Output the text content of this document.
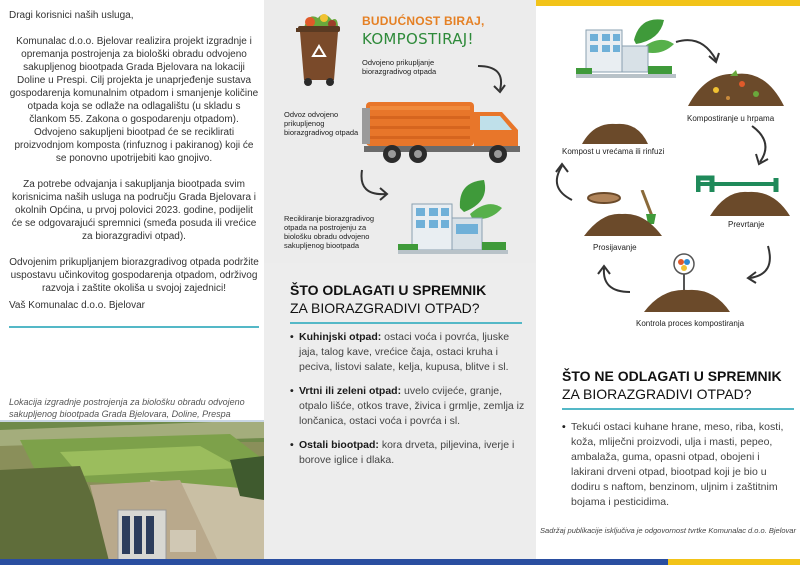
Dragi korisnici naših usluga,

Komunalac d.o.o. Bjelovar realizira projekt izgradnje i opremanja postrojenja za biološki obradu odvojeno sakupljenog biootpada Grada Bjelovara na lokaciji Doline u Prespi. Cilj projekta je unaprjeđenje sustava gospodarenja komunalnim otpadom i smanjenje količine otpada koja se odlaže na odlagalištu (u skladu s člankom 55. Zakona o gospodarenju otpadom). Odvojeno sakupljeni biootpad će se reciklirati proizvodnjom komposta (rinfuznog i pakiranog) koji će se ponovno upotrijebiti kao gnojivo.

Za potrebe odvajanja i sakupljanja biootpada svim korisnicima naših usluga na području Grada Bjelovara i okolnih Općina, u prvoj polovici 2023. godine, podijelit će se odgovarajući spremnici (smeđa posuda ili vrećice za biorazgradivi otpad).

Odvojenim prikupljanjem biorazgradivog otpada podržite uspostavu učinkovitog gospodarenja otpadom, održivog razvoja i zaštite okoliša u svojoj zajednici!

Vaš Komunalac d.o.o. Bjelovar

Lokacija izgradnje postrojenja za biološku obradu odvojeno sakupljenog biootpada Grada Bjelovara, Doline, Prespa
BUDUĆNOST BIRAJ,
KOMPOSTIRAJ!
Odvojeno prikupljanje biorazgradivog otpada
Odvoz odvojeno prikupljenog biorazgradivog otpada
Recikliranje biorazgradivog otpada na postrojenju za biološku obradu odvojeno sakupljenog biootpada
ŠTO ODLAGATI U SPREMNIK
ZA BIORAZGRADIVI OTPAD?
• Kuhinjski otpad: ostaci voća i povrća, ljuske jaja, talog kave, vrećice čaja, ostaci kruha i peciva, listovi salate, kelja, kupusa, blitve i sl.
• Vrtni ili zeleni otpad: uvelo cvijeće, granje, otpalo lišće, otkos trave, živica i grmlje, zemlja iz lončanica, ostaci voća i povrća i sl.
• Ostali biootpad: kora drveta, piljevina, iverje i borove iglice i dlaka.
Kompostiranje u hrpama
Kompost u vrećama ili rinfuzi
Prevrtanje
Prosijavanje
Kontrola proces kompostiranja
ŠTO NE ODLAGATI U SPREMNIK
ZA BIORAZGRADIVI OTPAD?
• Tekući ostaci kuhane hrane, meso, riba, kosti, koža, mliječni proizvodi, ulja i masti, pepeo, ambalaža, guma, opasni otpad, obojeni i lakirani drveni otpad, biootpad koji je bio u dodiru s naftom, benzinom, uljnim i zaštitnim bojama i pesticidima.
Sadržaj publikacije isključiva je odgovornost tvrtke Komunalac d.o.o. Bjelovar
